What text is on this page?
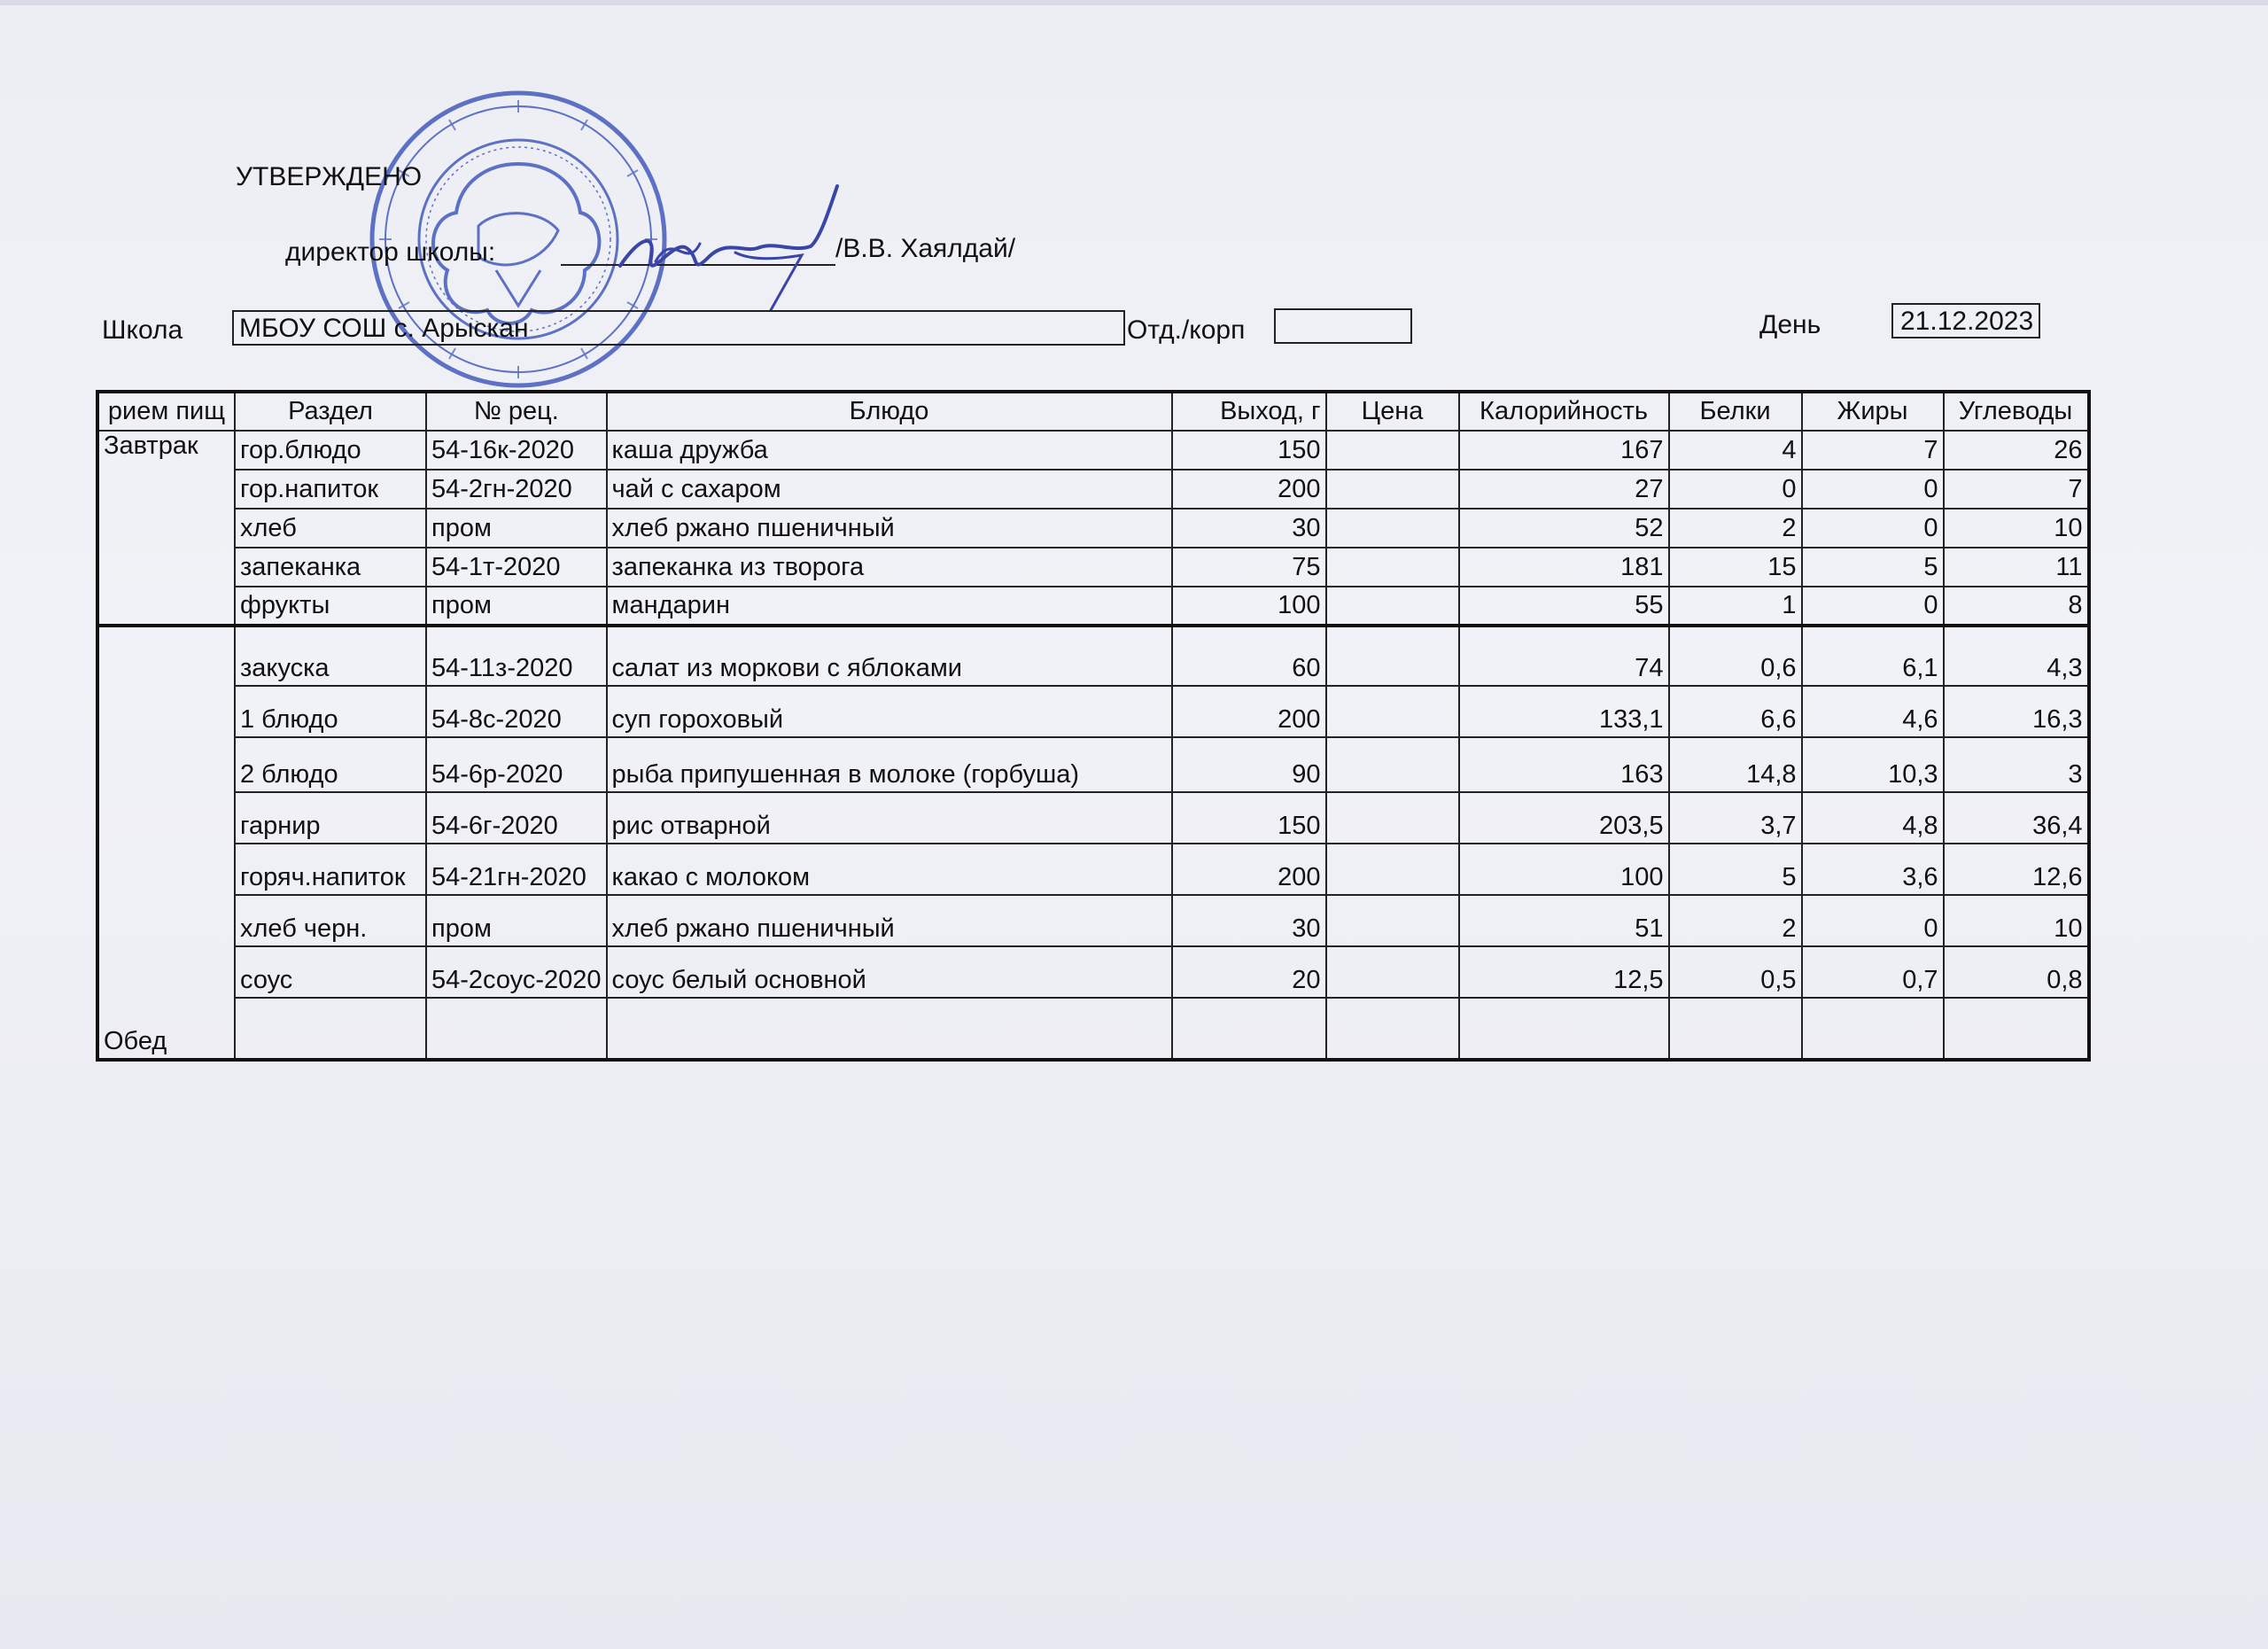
УТВЕРЖДЕНО
директор школы:	/В.В. Хаялдай/
Школа МБОУ СОШ с. Арыскан	Отд./корп	День	21.12.2023
рием пищ	Раздел	№ рец.	Блюдо	Выход, г	Цена	Калорийность	Белки	Жиры	Углеводы
Завтрак	гор.блюдо	54-16к-2020	каша дружба	150		167	4	7	26
	гор.напиток	54-2гн-2020	чай с сахаром	200		27	0	0	7
	хлеб	пром	хлеб ржано пшеничный	30		52	2	0	10
	запеканка	54-1т-2020	запеканка из творога	75		181	15	5	11
	фрукты	пром	мандарин	100		55	1	0	8
Обед	закуска	54-11з-2020	салат из моркови с яблоками	60		74	0,6	6,1	4,3
	1 блюдо	54-8с-2020	суп гороховый	200		133,1	6,6	4,6	16,3
	2 блюдо	54-6р-2020	рыба припушенная в молоке (горбуша)	90		163	14,8	10,3	3
	гарнир	54-6г-2020	рис отварной	150		203,5	3,7	4,8	36,4
	горяч.напиток	54-21гн-2020	какао с молоком	200		100	5	3,6	12,6
	хлеб черн.	пром	хлеб ржано пшеничный	30		51	2	0	10
	соус	54-2соус-2020	соус белый основной	20		12,5	0,5	0,7	0,8
